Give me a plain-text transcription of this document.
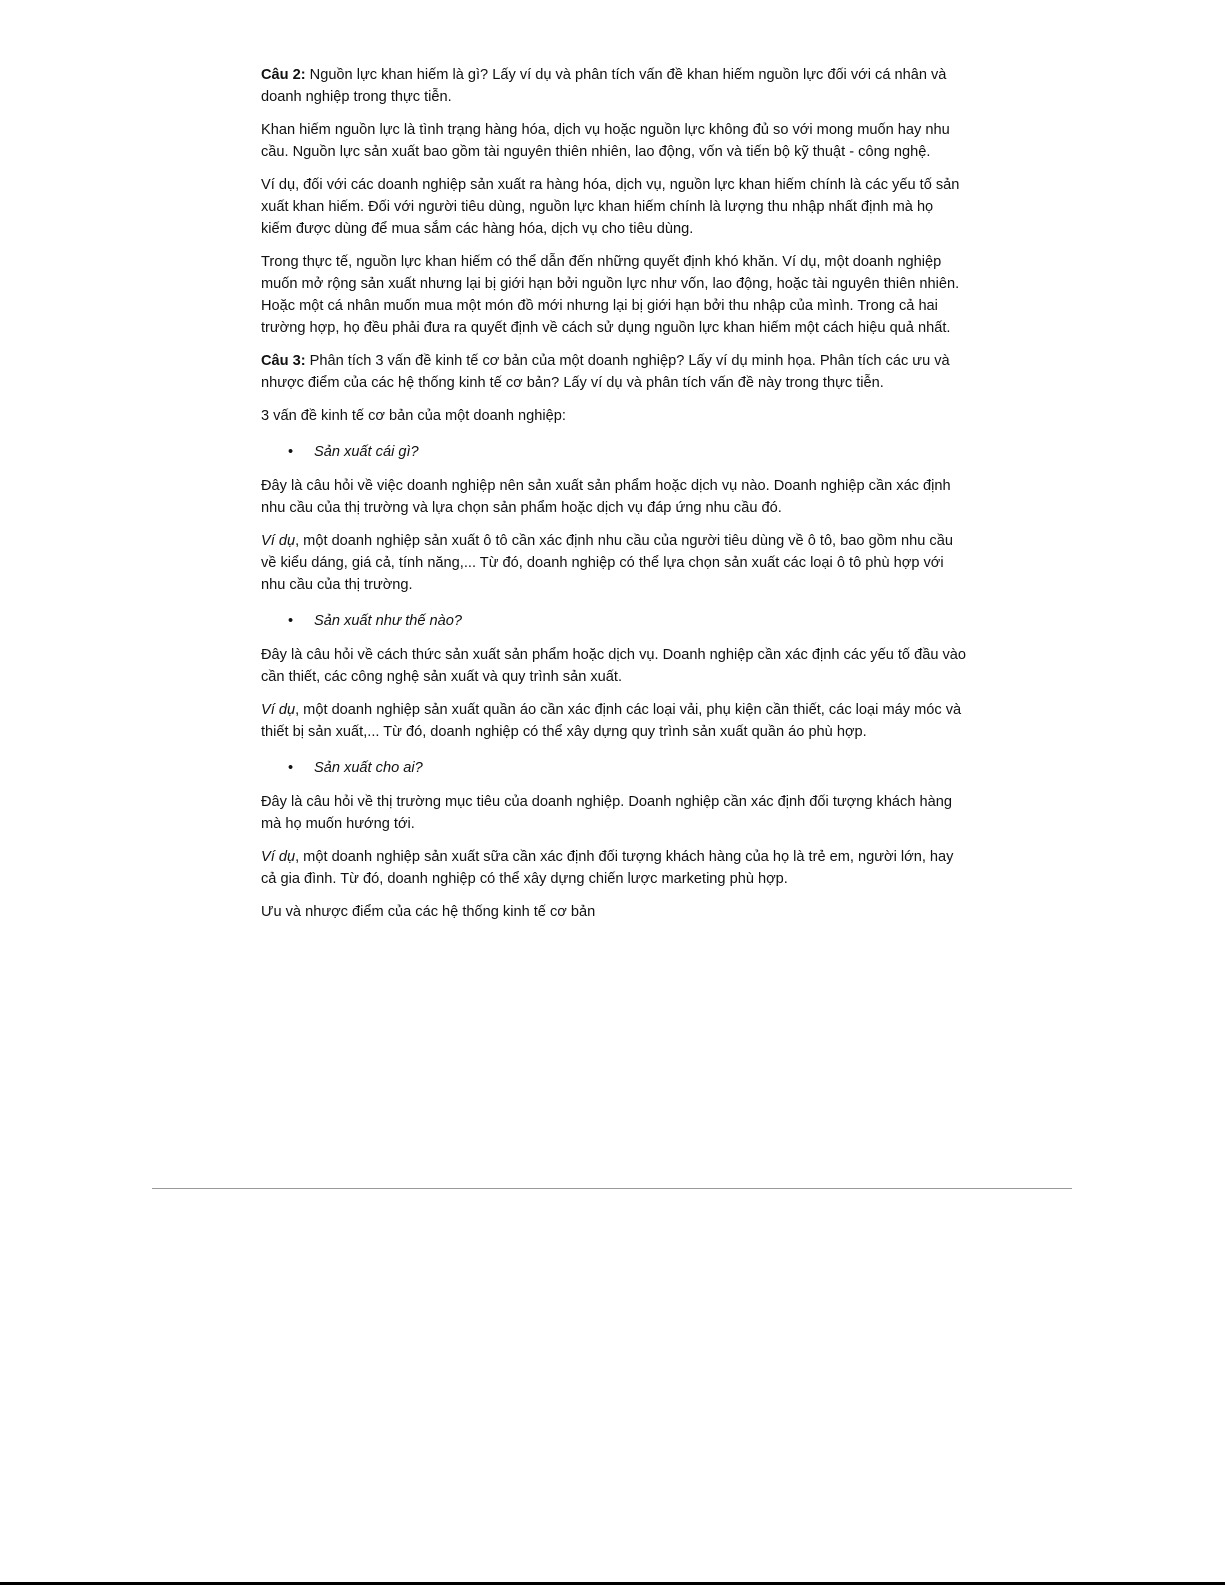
Câu 2: Nguồn lực khan hiếm là gì? Lấy ví dụ và phân tích vấn đề khan hiếm nguồn lực đối với cá nhân và doanh nghiệp trong thực tiễn.

Khan hiếm nguồn lực là tình trạng hàng hóa, dịch vụ hoặc nguồn lực không đủ so với mong muốn hay nhu cầu. Nguồn lực sản xuất bao gồm tài nguyên thiên nhiên, lao động, vốn và tiến bộ kỹ thuật - công nghệ.

Ví dụ, đối với các doanh nghiệp sản xuất ra hàng hóa, dịch vụ, nguồn lực khan hiếm chính là các yếu tố sản xuất khan hiếm. Đối với người tiêu dùng, nguồn lực khan hiếm chính là lượng thu nhập nhất định mà họ kiếm được dùng để mua sắm các hàng hóa, dịch vụ cho tiêu dùng.

Trong thực tế, nguồn lực khan hiếm có thể dẫn đến những quyết định khó khăn. Ví dụ, một doanh nghiệp muốn mở rộng sản xuất nhưng lại bị giới hạn bởi nguồn lực như vốn, lao động, hoặc tài nguyên thiên nhiên. Hoặc một cá nhân muốn mua một món đồ mới nhưng lại bị giới hạn bởi thu nhập của mình. Trong cả hai trường hợp, họ đều phải đưa ra quyết định về cách sử dụng nguồn lực khan hiếm một cách hiệu quả nhất.

Câu 3: Phân tích 3 vấn đề kinh tế cơ bản của một doanh nghiệp? Lấy ví dụ minh họa. Phân tích các ưu và nhược điểm của các hệ thống kinh tế cơ bản? Lấy ví dụ và phân tích vấn đề này trong thực tiễn.

3 vấn đề kinh tế cơ bản của một doanh nghiệp:

• Sản xuất cái gì?

Đây là câu hỏi về việc doanh nghiệp nên sản xuất sản phẩm hoặc dịch vụ nào. Doanh nghiệp cần xác định nhu cầu của thị trường và lựa chọn sản phẩm hoặc dịch vụ đáp ứng nhu cầu đó.

Ví dụ, một doanh nghiệp sản xuất ô tô cần xác định nhu cầu của người tiêu dùng về ô tô, bao gồm nhu cầu về kiểu dáng, giá cả, tính năng,... Từ đó, doanh nghiệp có thể lựa chọn sản xuất các loại ô tô phù hợp với nhu cầu của thị trường.

• Sản xuất như thế nào?

Đây là câu hỏi về cách thức sản xuất sản phẩm hoặc dịch vụ. Doanh nghiệp cần xác định các yếu tố đầu vào cần thiết, các công nghệ sản xuất và quy trình sản xuất.

Ví dụ, một doanh nghiệp sản xuất quần áo cần xác định các loại vải, phụ kiện cần thiết, các loại máy móc và thiết bị sản xuất,... Từ đó, doanh nghiệp có thể xây dựng quy trình sản xuất quần áo phù hợp.

• Sản xuất cho ai?

Đây là câu hỏi về thị trường mục tiêu của doanh nghiệp. Doanh nghiệp cần xác định đối tượng khách hàng mà họ muốn hướng tới.

Ví dụ, một doanh nghiệp sản xuất sữa cần xác định đối tượng khách hàng của họ là trẻ em, người lớn, hay cả gia đình. Từ đó, doanh nghiệp có thể xây dựng chiến lược marketing phù hợp.

Ưu và nhược điểm của các hệ thống kinh tế cơ bản
